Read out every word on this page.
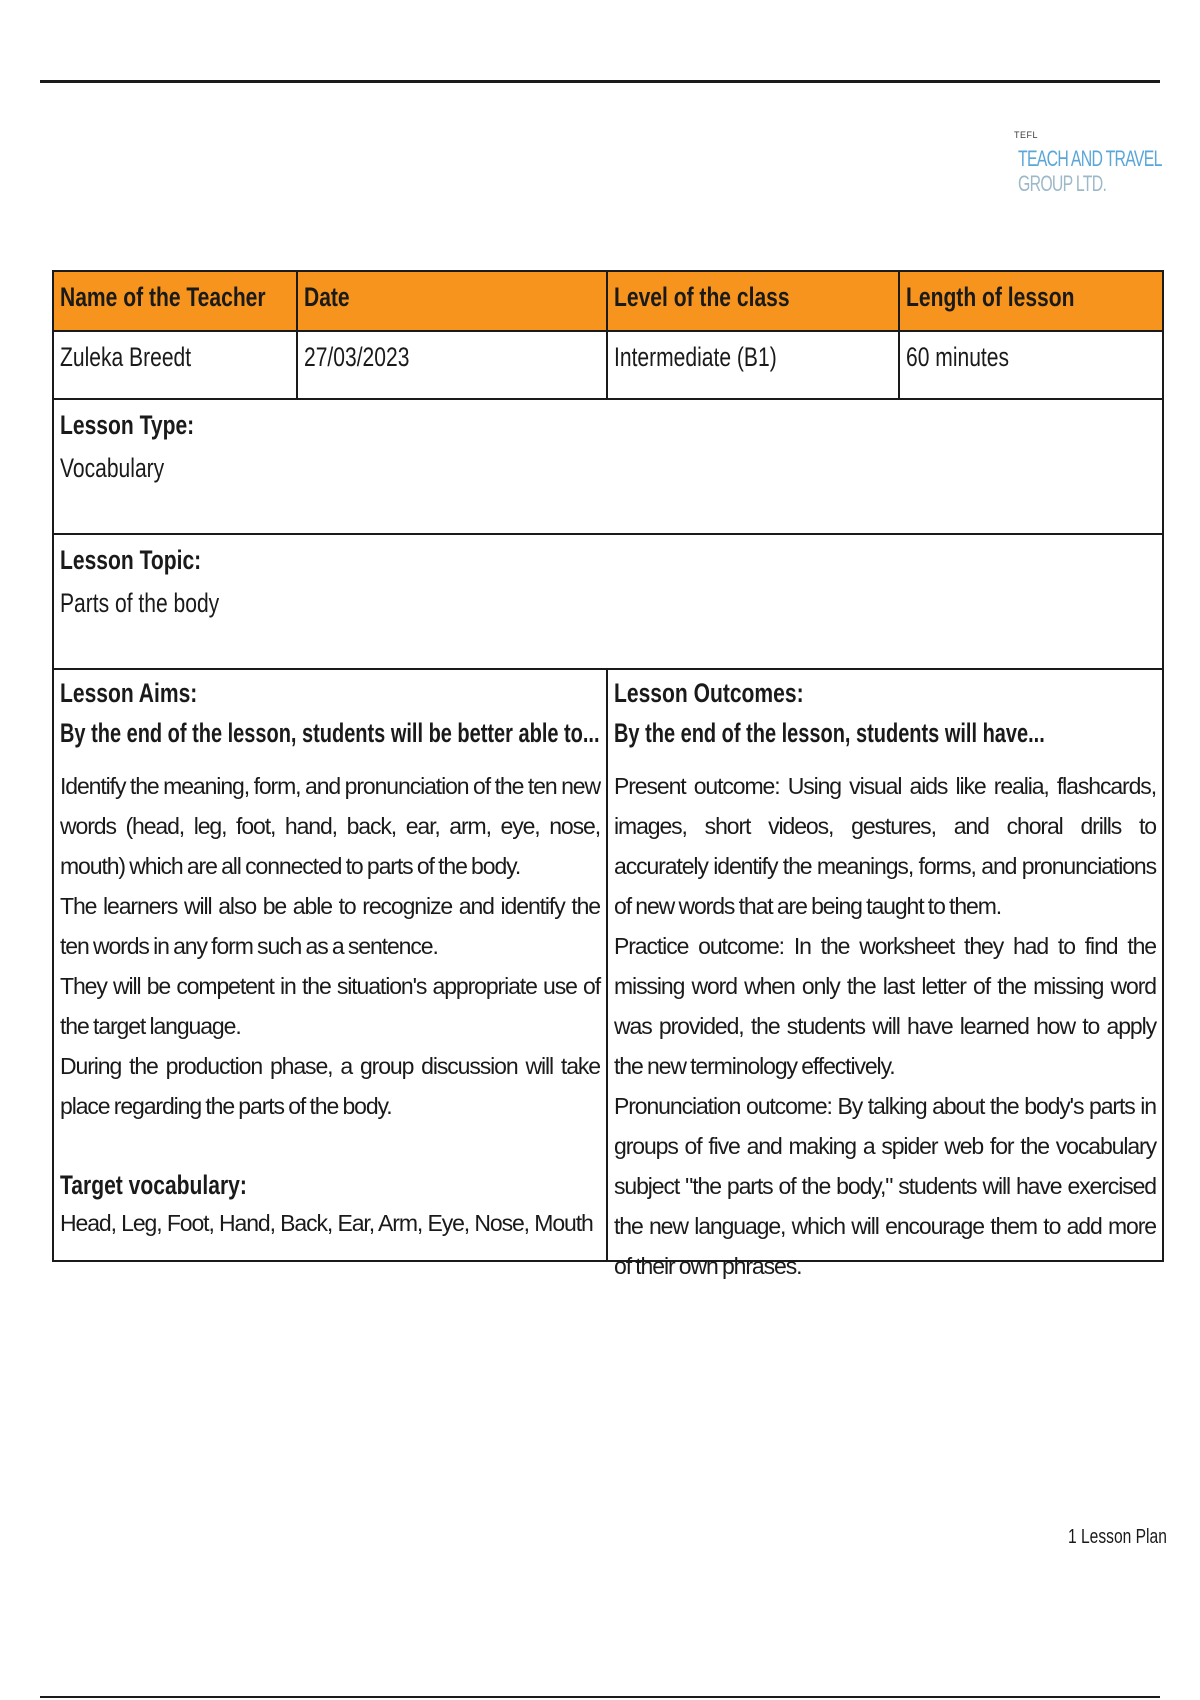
TEFL
TEACH AND TRAVEL
GROUP LTD.
Name of the Teacher	Date	Level of the class	Length of lesson
Zuleka Breedt	27/03/2023	Intermediate (B1)	60 minutes
Lesson Type:
Vocabulary
Lesson Topic:
Parts of the body
Lesson Aims:
By the end of the lesson, students will be better able to...
Identify the meaning, form, and pronunciation of the ten new words (head, leg, foot, hand, back, ear, arm, eye, nose, mouth) which are all connected to parts of the body.
The learners will also be able to recognize and identify the ten words in any form such as a sentence.
They will be competent in the situation's appropriate use of the target language.
During the production phase, a group discussion will take place regarding the parts of the body.
Target vocabulary:
Head, Leg, Foot, Hand, Back, Ear, Arm, Eye, Nose, Mouth
Lesson Outcomes:
By the end of the lesson, students will have...
Present outcome: Using visual aids like realia, flashcards, images, short videos, gestures, and choral drills to accurately identify the meanings, forms, and pronunciations of new words that are being taught to them.
Practice outcome: In the worksheet they had to find the missing word when only the last letter of the missing word was provided, the students will have learned how to apply the new terminology effectively.
Pronunciation outcome: By talking about the body's parts in groups of five and making a spider web for the vocabulary subject "the parts of the body," students will have exercised the new language, which will encourage them to add more of their own phrases.
1 Lesson Plan
